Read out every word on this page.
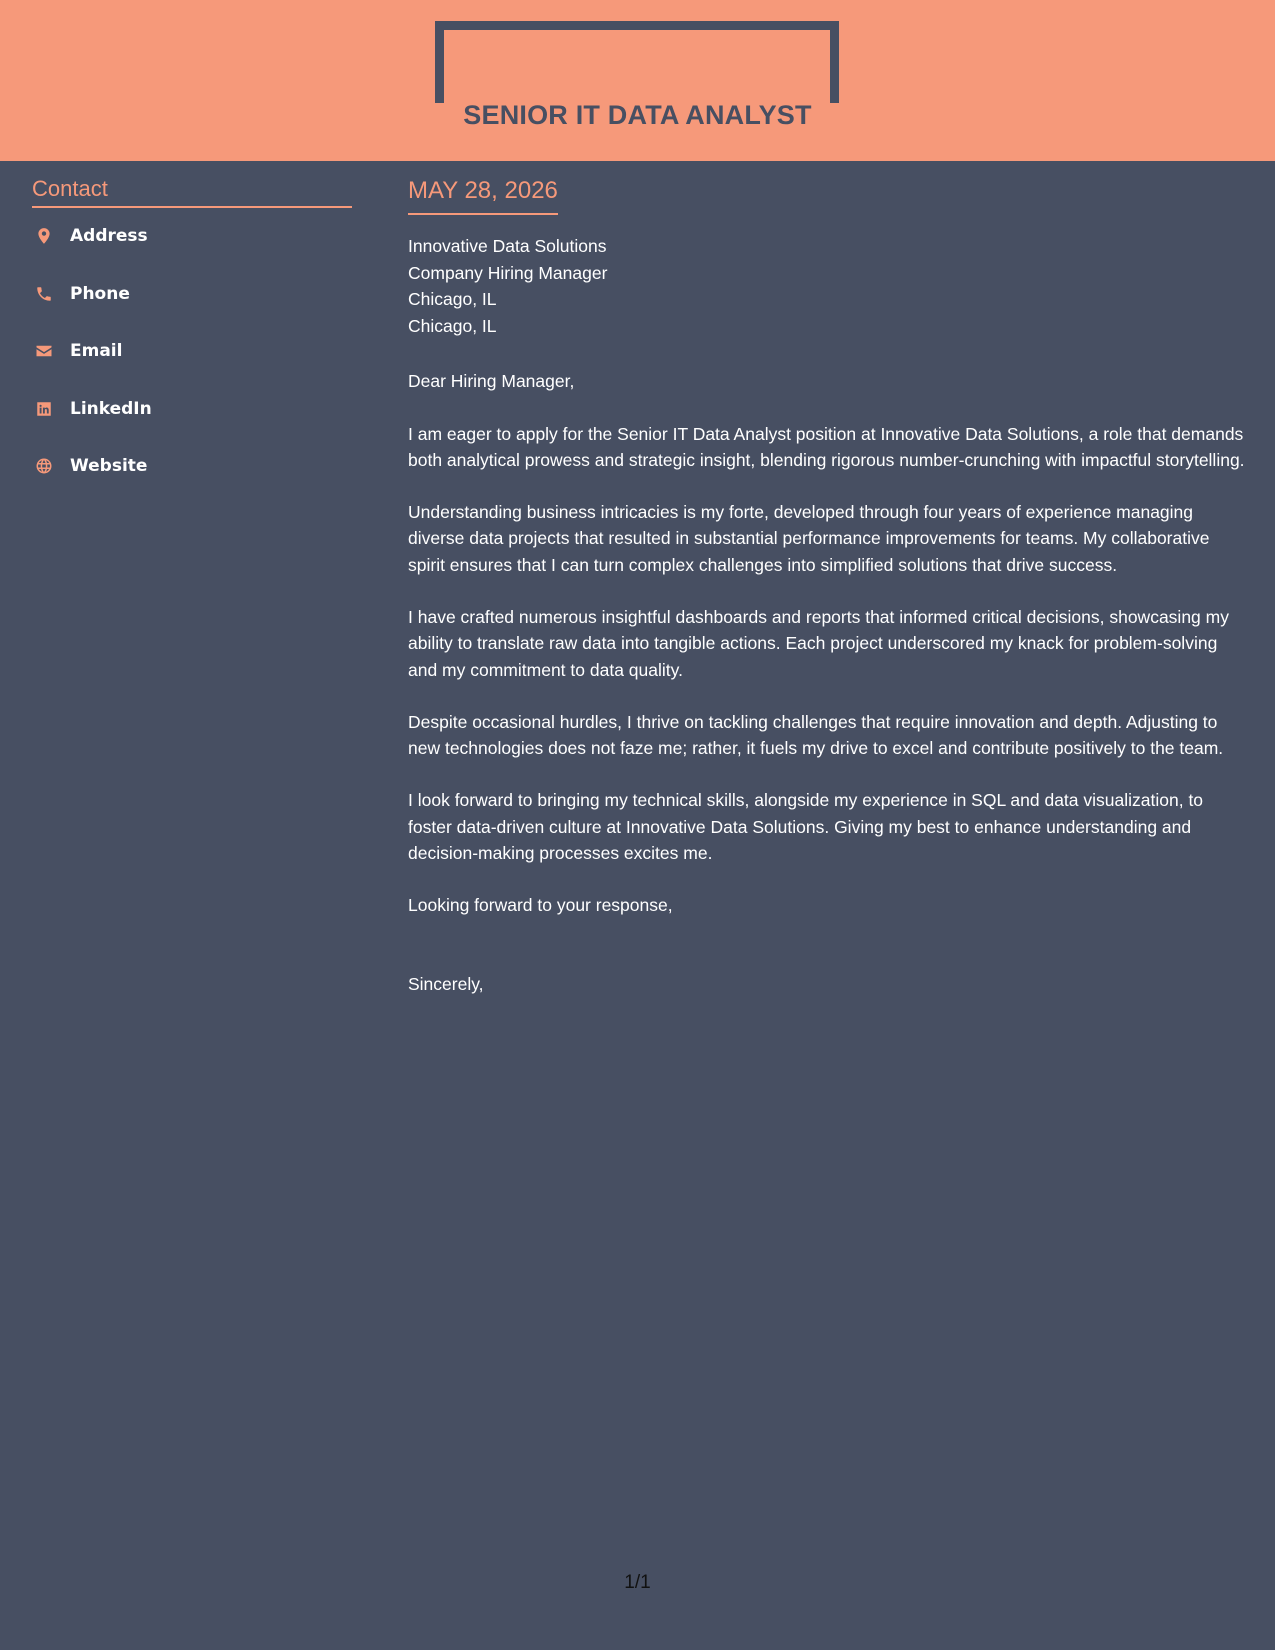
SENIOR IT DATA ANALYST
Contact
Address
Phone
Email
LinkedIn
Website
MAY 28, 2026
Innovative Data Solutions
Company Hiring Manager
Chicago, IL
Chicago, IL
Dear Hiring Manager,

I am eager to apply for the Senior IT Data Analyst position at Innovative Data Solutions, a role that demands both analytical prowess and strategic insight, blending rigorous number-crunching with impactful storytelling.

Understanding business intricacies is my forte, developed through four years of experience managing diverse data projects that resulted in substantial performance improvements for teams. My collaborative spirit ensures that I can turn complex challenges into simplified solutions that drive success.

I have crafted numerous insightful dashboards and reports that informed critical decisions, showcasing my ability to translate raw data into tangible actions. Each project underscored my knack for problem-solving and my commitment to data quality.

Despite occasional hurdles, I thrive on tackling challenges that require innovation and depth. Adjusting to new technologies does not faze me; rather, it fuels my drive to excel and contribute positively to the team.

I look forward to bringing my technical skills, alongside my experience in SQL and data visualization, to foster data-driven culture at Innovative Data Solutions. Giving my best to enhance understanding and decision-making processes excites me.

Looking forward to your response,
Sincerely,
1/1
